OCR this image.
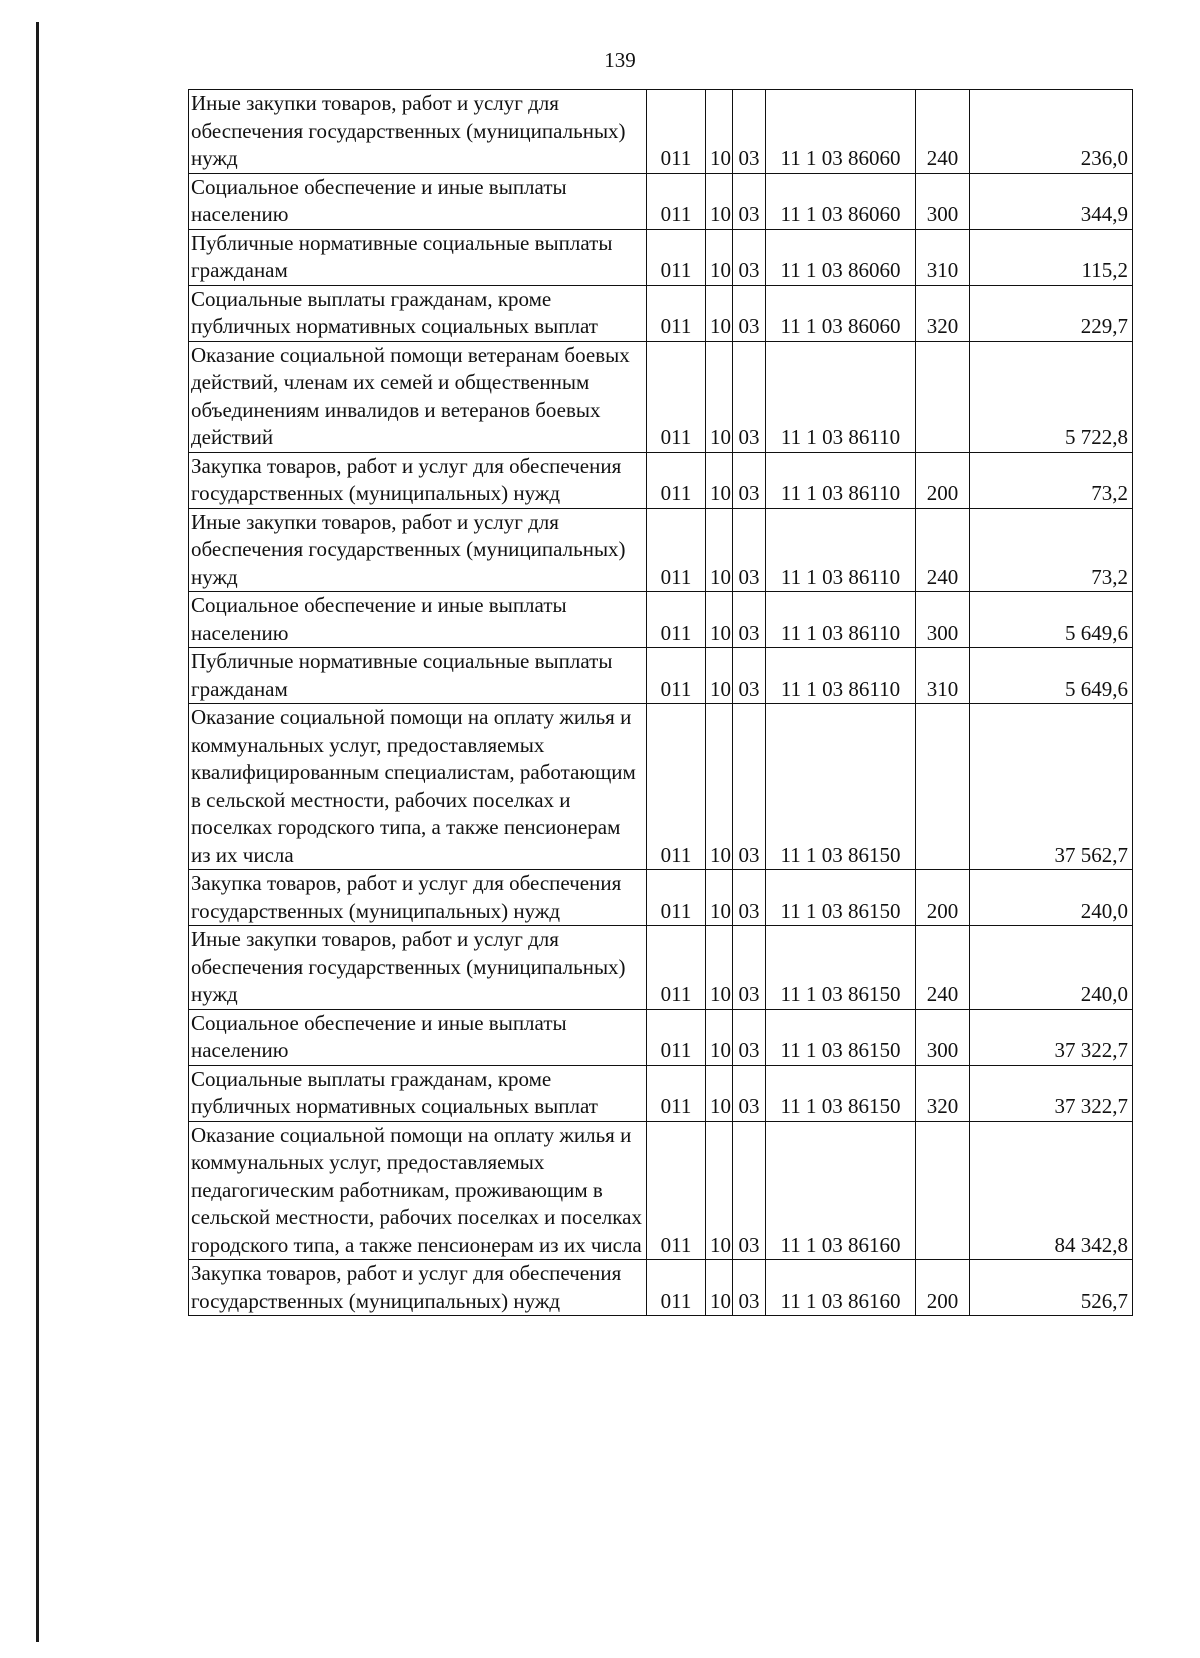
139
Иные закупки товаров, работ и услуг для обеспечения государственных (муниципальных) нужд	011	10	03	11 1 03 86060	240	236,0
Социальное обеспечение и иные выплаты населению	011	10	03	11 1 03 86060	300	344,9
Публичные нормативные социальные выплаты гражданам	011	10	03	11 1 03 86060	310	115,2
Социальные выплаты гражданам, кроме публичных нормативных социальных выплат	011	10	03	11 1 03 86060	320	229,7
Оказание социальной помощи ветеранам боевых действий, членам их семей и общественным объединениям инвалидов и ветеранов боевых действий	011	10	03	11 1 03 86110		5 722,8
Закупка товаров, работ и услуг для обеспечения государственных (муниципальных) нужд	011	10	03	11 1 03 86110	200	73,2
Иные закупки товаров, работ и услуг для обеспечения государственных (муниципальных) нужд	011	10	03	11 1 03 86110	240	73,2
Социальное обеспечение и иные выплаты населению	011	10	03	11 1 03 86110	300	5 649,6
Публичные нормативные социальные выплаты гражданам	011	10	03	11 1 03 86110	310	5 649,6
Оказание социальной помощи на оплату жилья и коммунальных услуг, предоставляемых квалифицированным специалистам, работающим в сельской местности, рабочих поселках и поселках городского типа, а также пенсионерам из их числа	011	10	03	11 1 03 86150		37 562,7
Закупка товаров, работ и услуг для обеспечения государственных (муниципальных) нужд	011	10	03	11 1 03 86150	200	240,0
Иные закупки товаров, работ и услуг для обеспечения государственных (муниципальных) нужд	011	10	03	11 1 03 86150	240	240,0
Социальное обеспечение и иные выплаты населению	011	10	03	11 1 03 86150	300	37 322,7
Социальные выплаты гражданам, кроме публичных нормативных социальных выплат	011	10	03	11 1 03 86150	320	37 322,7
Оказание социальной помощи на оплату жилья и коммунальных услуг, предоставляемых педагогическим работникам, проживающим в сельской местности, рабочих поселках и поселках городского типа, а также пенсионерам из их числа	011	10	03	11 1 03 86160		84 342,8
Закупка товаров, работ и услуг для обеспечения государственных (муниципальных) нужд	011	10	03	11 1 03 86160	200	526,7
